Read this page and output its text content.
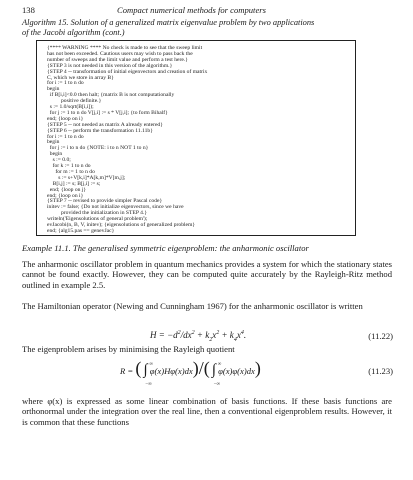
138	Compact numerical methods for computers
Algorithm 15. Solution of a generalized matrix eigenvalue problem by two applications
of the Jacobi algorithm (cont.)
{**** WARNING **** No check is made to see that the sweep limit
has not been exceeded. Cautious users may wish to pass back the
number of sweeps and the limit value and perform a test here.}
{STEP 3 is not needed in this version of the algorithm.}
{STEP 4 -- transformation of initial eigenvectors and creation of matrix
C, which we store in array B}
for i := 1 to n do
begin
if B[i,i]<0.0 then halt; {matrix B is not computationally
positive definite.}
s := 1.0/sqrt(B[i,i]);
for j := 1 to n do V[j,i] := s * V[j,i]; {to form Bihalf}
end; {loop on i}
{STEP 5 -- not needed as matrix A already entered}
{STEP 6 -- perform the transformation 11.11b}
for i := 1 to n do
begin
for j := i to n do {NOTE: i to n NOT 1 to n}
begin
s := 0.0;
for k := 1 to n do
for m := 1 to n do
s := s+V[k,i]*A[k,m]*V[m,j];
B[i,j] := s; B[j,i] := s;
end; {loop on j}
end; {loop on i}
{STEP 7 -- revised to provide simpler Pascal code}
initev := false; {Do not initialize eigenvectors, since we have
provided the initialization in STEP 4.}
writeln('Eigensolutions of general problem');
evJacobi(n, B, V, initev); {eigensolutions of generalized problem}
end; {alg15.pas == genevJac}
Example 11.1. The generalised symmetric eigenproblem: the anharmonic oscillator
The anharmonic oscillator problem in quantum mechanics provides a system for which the stationary states cannot be found exactly. However, they can be computed quite accurately by the Rayleigh-Ritz method outlined in example 2.5.
The Hamiltonian operator (Newing and Cunningham 1967) for the anharmonic oscillator is written
$H = -d^2/dx^2 + k_2x^2 + k_4x^4$.	(11.22)
The eigenproblem arises by minimising the Rayleigh quotient
R = ( ∫ ∞
−∞
φ(x)Hφ(x)dx)/( ∫ ∞
−∞
φ(x)φ(x)dx)	(11.23)
where φ(x) is expressed as some linear combination of basis functions. If these basis functions are orthonormal under the integration over the real line, then a conventional eigenproblem results. However, it is common that these functions
